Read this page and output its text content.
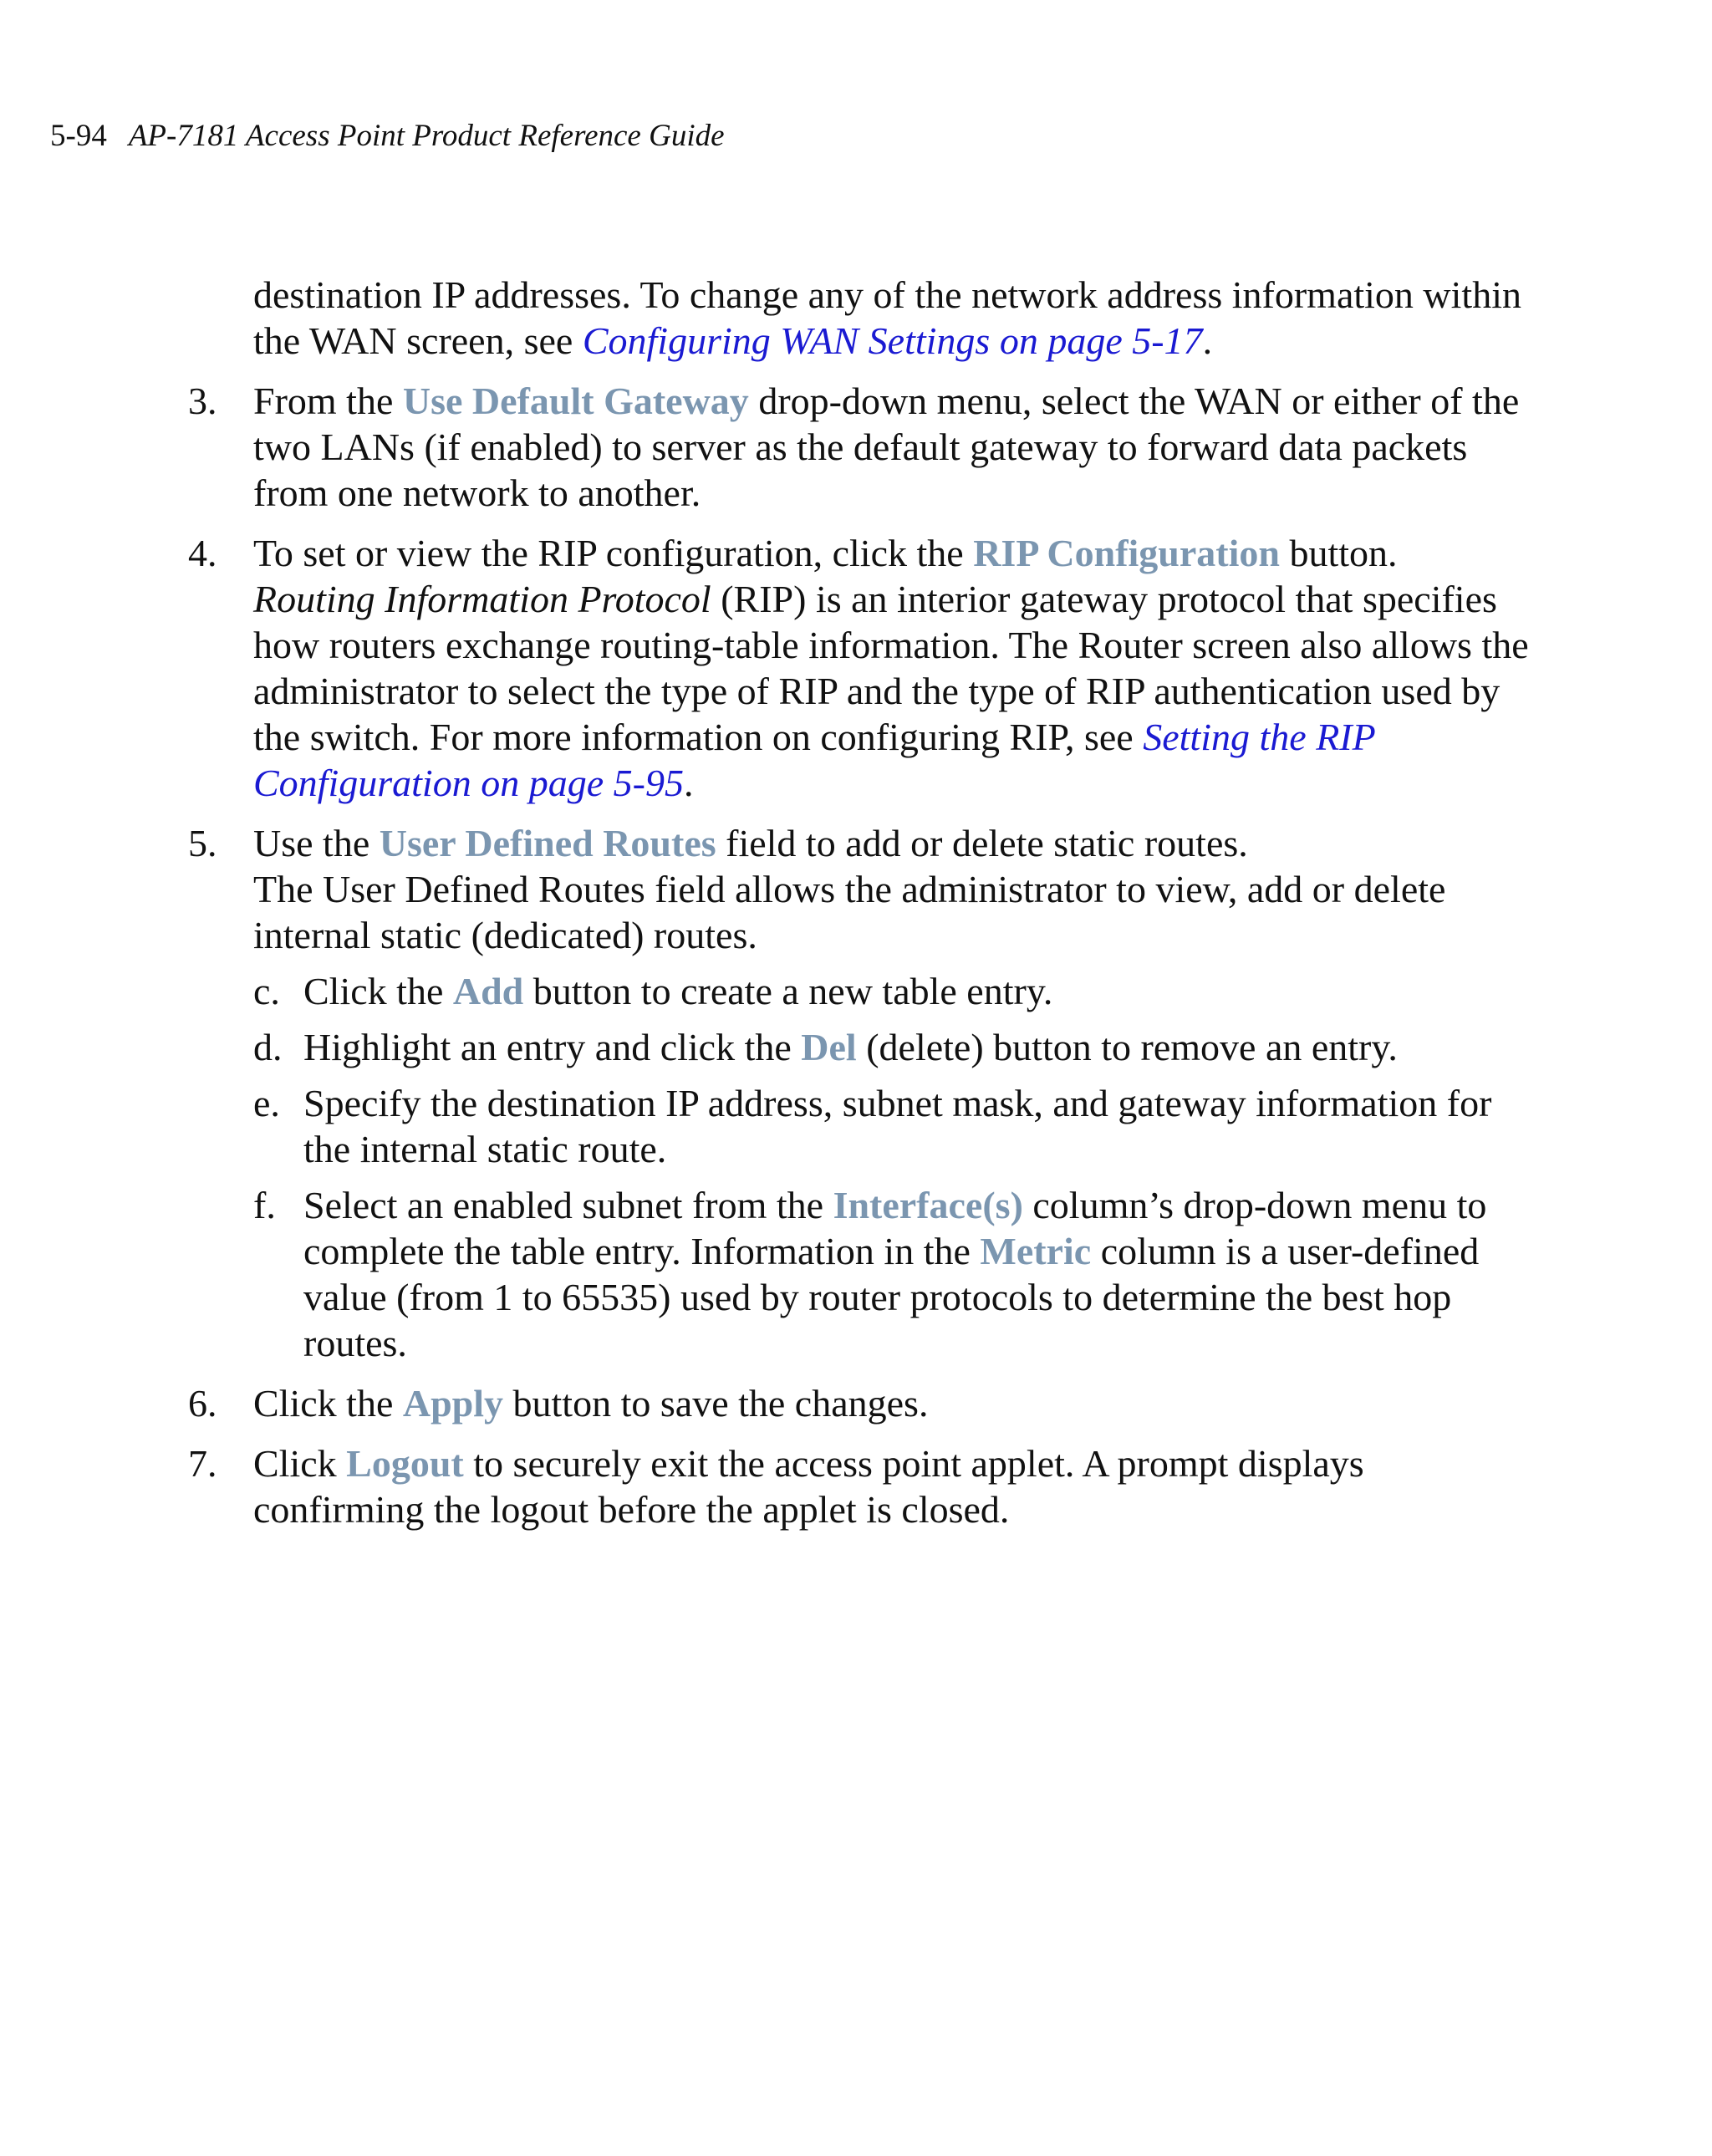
5-94 AP-7181 Access Point Product Reference Guide

destination IP addresses. To change any of the network address information within the WAN screen, see Configuring WAN Settings on page 5-17.

3. From the Use Default Gateway drop-down menu, select the WAN or either of the two LANs (if enabled) to server as the default gateway to forward data packets from one network to another.

4. To set or view the RIP configuration, click the RIP Configuration button.

Routing Information Protocol (RIP) is an interior gateway protocol that specifies how routers exchange routing-table information. The Router screen also allows the administrator to select the type of RIP and the type of RIP authentication used by the switch. For more information on configuring RIP, see Setting the RIP Configuration on page 5-95.

5. Use the User Defined Routes field to add or delete static routes.

The User Defined Routes field allows the administrator to view, add or delete internal static (dedicated) routes.

c. Click the Add button to create a new table entry.

d. Highlight an entry and click the Del (delete) button to remove an entry.

e. Specify the destination IP address, subnet mask, and gateway information for the internal static route.

f. Select an enabled subnet from the Interface(s) column’s drop-down menu to complete the table entry. Information in the Metric column is a user-defined value (from 1 to 65535) used by router protocols to determine the best hop routes.

6. Click the Apply button to save the changes.

7. Click Logout to securely exit the access point applet. A prompt displays confirming the logout before the applet is closed.
